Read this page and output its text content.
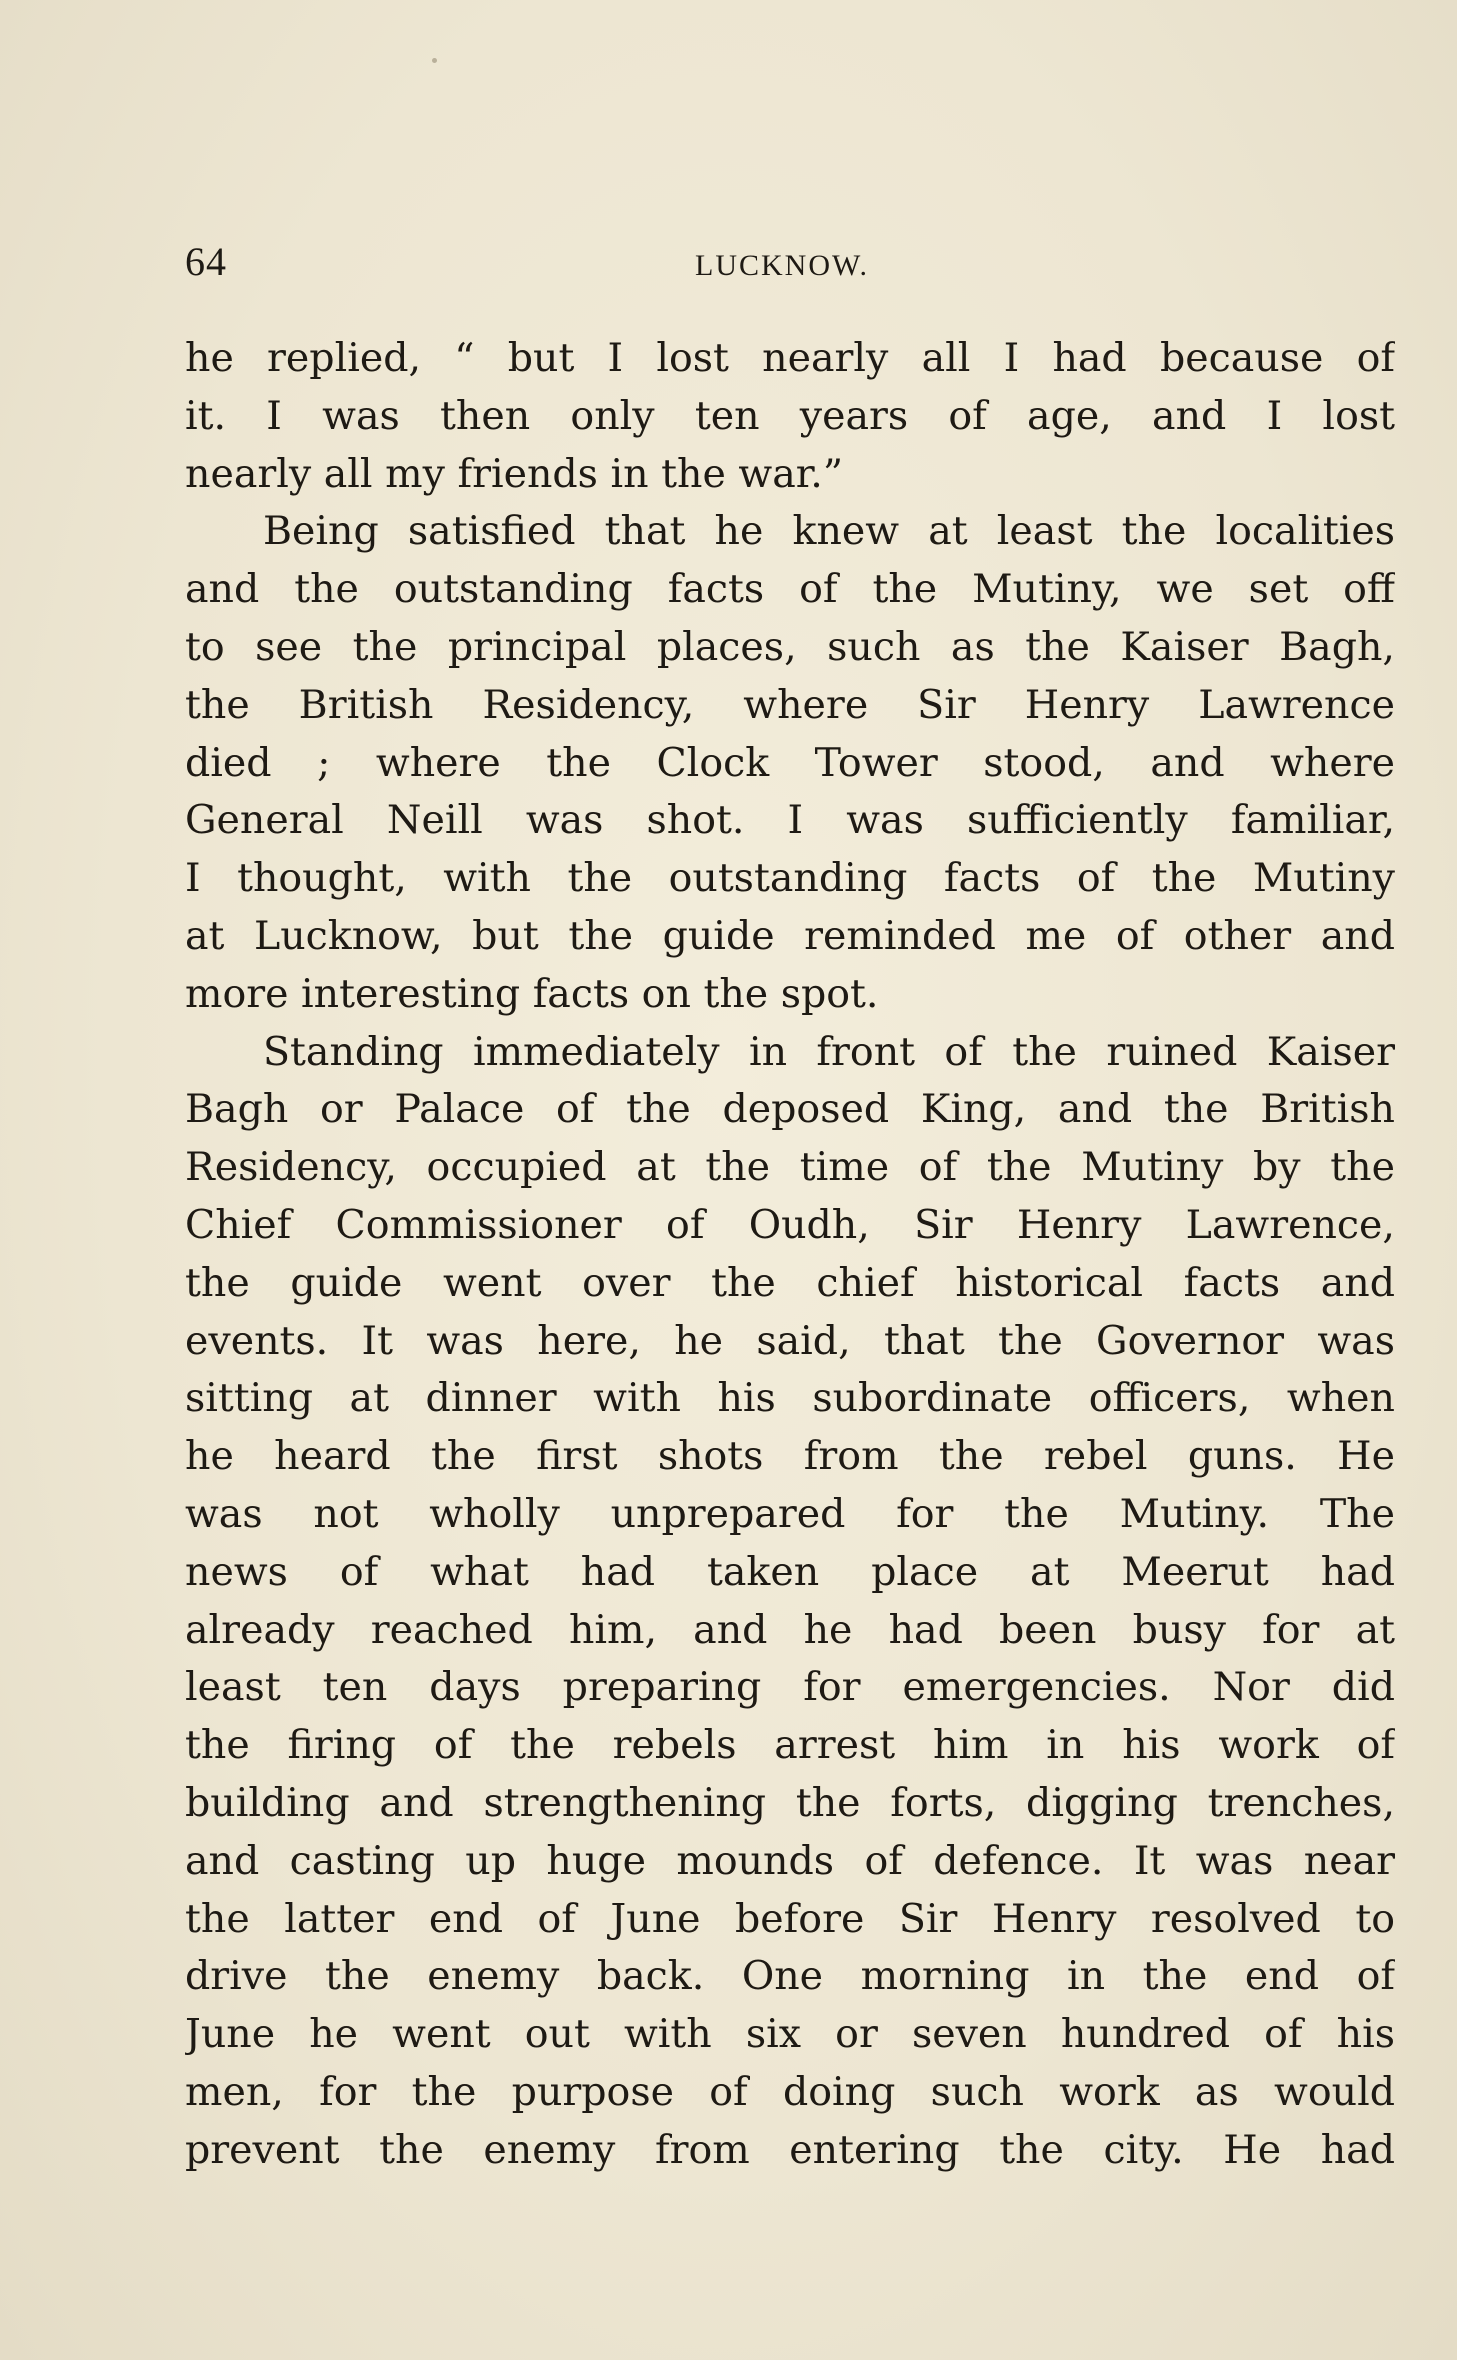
64	LUCKNOW.
he replied, “ but I lost nearly all I had because of
it. I was then only ten years of age, and I lost
nearly all my friends in the war.”
Being satisfied that he knew at least the localities
and the outstanding facts of the Mutiny, we set off
to see the principal places, such as the Kaiser Bagh,
the British Residency, where Sir Henry Lawrence
died ; where the Clock Tower stood, and where
General Neill was shot. I was sufficiently familiar,
I thought, with the outstanding facts of the Mutiny
at Lucknow, but the guide reminded me of other and
more interesting facts on the spot.
Standing immediately in front of the ruined Kaiser
Bagh or Palace of the deposed King, and the British
Residency, occupied at the time of the Mutiny by the
Chief Commissioner of Oudh, Sir Henry Lawrence,
the guide went over the chief historical facts and
events. It was here, he said, that the Governor was
sitting at dinner with his subordinate officers, when
he heard the first shots from the rebel guns. He
was not wholly unprepared for the Mutiny. The
news of what had taken place at Meerut had
already reached him, and he had been busy for at
least ten days preparing for emergencies. Nor did
the firing of the rebels arrest him in his work of
building and strengthening the forts, digging trenches,
and casting up huge mounds of defence. It was near
the latter end of June before Sir Henry resolved to
drive the enemy back. One morning in the end of
June he went out with six or seven hundred of his
men, for the purpose of doing such work as would
prevent the enemy from entering the city. He had
